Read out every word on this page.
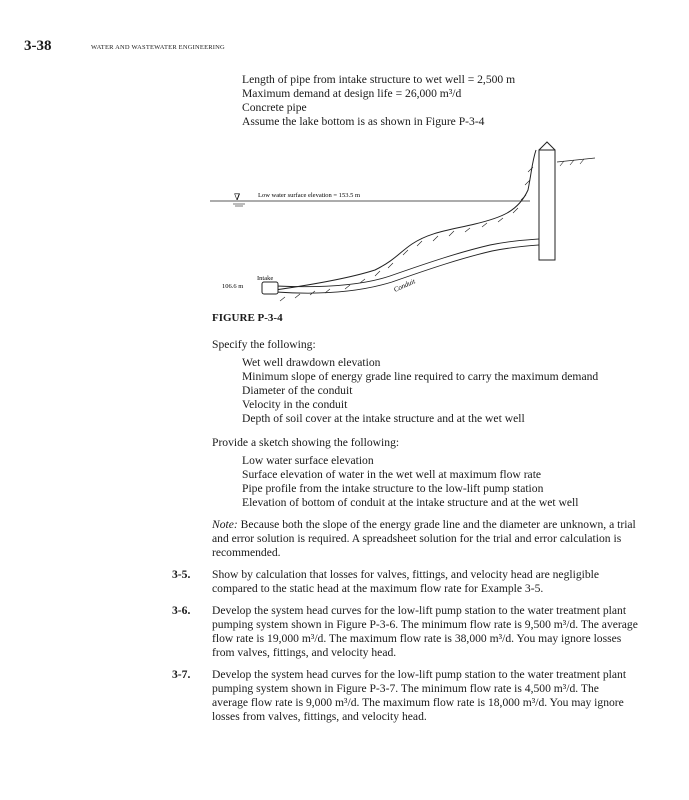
3-38	WATER AND WASTEWATER ENGINEERING
Length of pipe from intake structure to wet well = 2,500 m
Maximum demand at design life = 26,000 m³/d
Concrete pipe
Assume the lake bottom is as shown in Figure P-3-4
∇	Low water surface elevation = 153.5 m
106.6 m
Intake	Conduit
FIGURE P-3-4
Specify the following:
Wet well drawdown elevation
Minimum slope of energy grade line required to carry the maximum demand
Diameter of the conduit
Velocity in the conduit
Depth of soil cover at the intake structure and at the wet well
Provide a sketch showing the following:
Low water surface elevation
Surface elevation of water in the wet well at maximum flow rate
Pipe profile from the intake structure to the low-lift pump station
Elevation of bottom of conduit at the intake structure and at the wet well
Note: Because both the slope of the energy grade line and the diameter are unknown, a trial and error solution is required. A spreadsheet solution for the trial and error calculation is recommended.
3-5. Show by calculation that losses for valves, fittings, and velocity head are negligible compared to the static head at the maximum flow rate for Example 3-5.
3-6. Develop the system head curves for the low-lift pump station to the water treatment plant pumping system shown in Figure P-3-6. The minimum flow rate is 9,500 m³/d. The average flow rate is 19,000 m³/d. The maximum flow rate is 38,000 m³/d. You may ignore losses from valves, fittings, and velocity head.
3-7. Develop the system head curves for the low-lift pump station to the water treatment plant pumping system shown in Figure P-3-7. The minimum flow rate is 4,500 m³/d. The average flow rate is 9,000 m³/d. The maximum flow rate is 18,000 m³/d. You may ignore losses from valves, fittings, and velocity head.
